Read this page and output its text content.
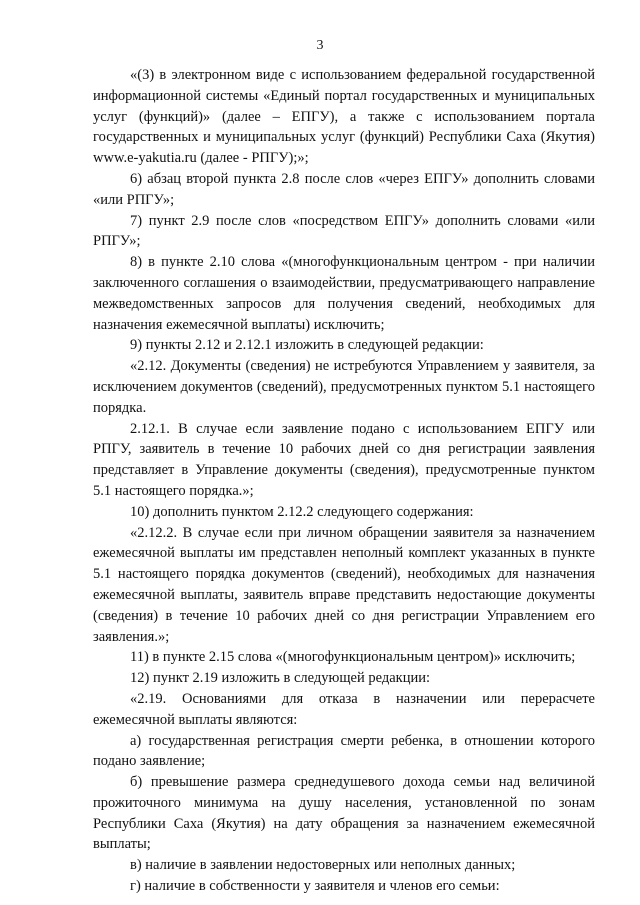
3

«(3) в электронном виде с использованием федеральной государственной информационной системы «Единый портал государственных и муниципальных услуг (функций)» (далее – ЕПГУ), а также с использованием портала государственных и муниципальных услуг (функций) Республики Саха (Якутия) www.e-yakutia.ru (далее - РПГУ);»;

6) абзац второй пункта 2.8 после слов «через ЕПГУ» дополнить словами «или РПГУ»;

7) пункт 2.9 после слов «посредством ЕПГУ» дополнить словами «или РПГУ»;

8) в пункте 2.10 слова «(многофункциональным центром - при наличии заключенного соглашения о взаимодействии, предусматривающего направление межведомственных запросов для получения сведений, необходимых для назначения ежемесячной выплаты) исключить;

9) пункты 2.12 и 2.12.1 изложить в следующей редакции:

«2.12. Документы (сведения) не истребуются Управлением у заявителя, за исключением документов (сведений), предусмотренных пунктом 5.1 настоящего порядка.

2.12.1. В случае если заявление подано с использованием ЕПГУ или РПГУ, заявитель в течение 10 рабочих дней со дня регистрации заявления представляет в Управление документы (сведения), предусмотренные пунктом 5.1 настоящего порядка.»;

10) дополнить пунктом 2.12.2 следующего содержания:

«2.12.2. В случае если при личном обращении заявителя за назначением ежемесячной выплаты им представлен неполный комплект указанных в пункте 5.1 настоящего порядка документов (сведений), необходимых для назначения ежемесячной выплаты, заявитель вправе представить недостающие документы (сведения) в течение 10 рабочих дней со дня регистрации Управлением его заявления.»;

11) в пункте 2.15 слова «(многофункциональным центром)» исключить;

12) пункт 2.19 изложить в следующей редакции:

«2.19. Основаниями для отказа в назначении или перерасчете ежемесячной выплаты являются:

а) государственная регистрация смерти ребенка, в отношении которого подано заявление;

б) превышение размера среднедушевого дохода семьи над величиной прожиточного минимума на душу населения, установленной по зонам Республики Саха (Якутия) на дату обращения за назначением ежемесячной выплаты;

в) наличие в заявлении недостоверных или неполных данных;

г) наличие в собственности у заявителя и членов его семьи:
